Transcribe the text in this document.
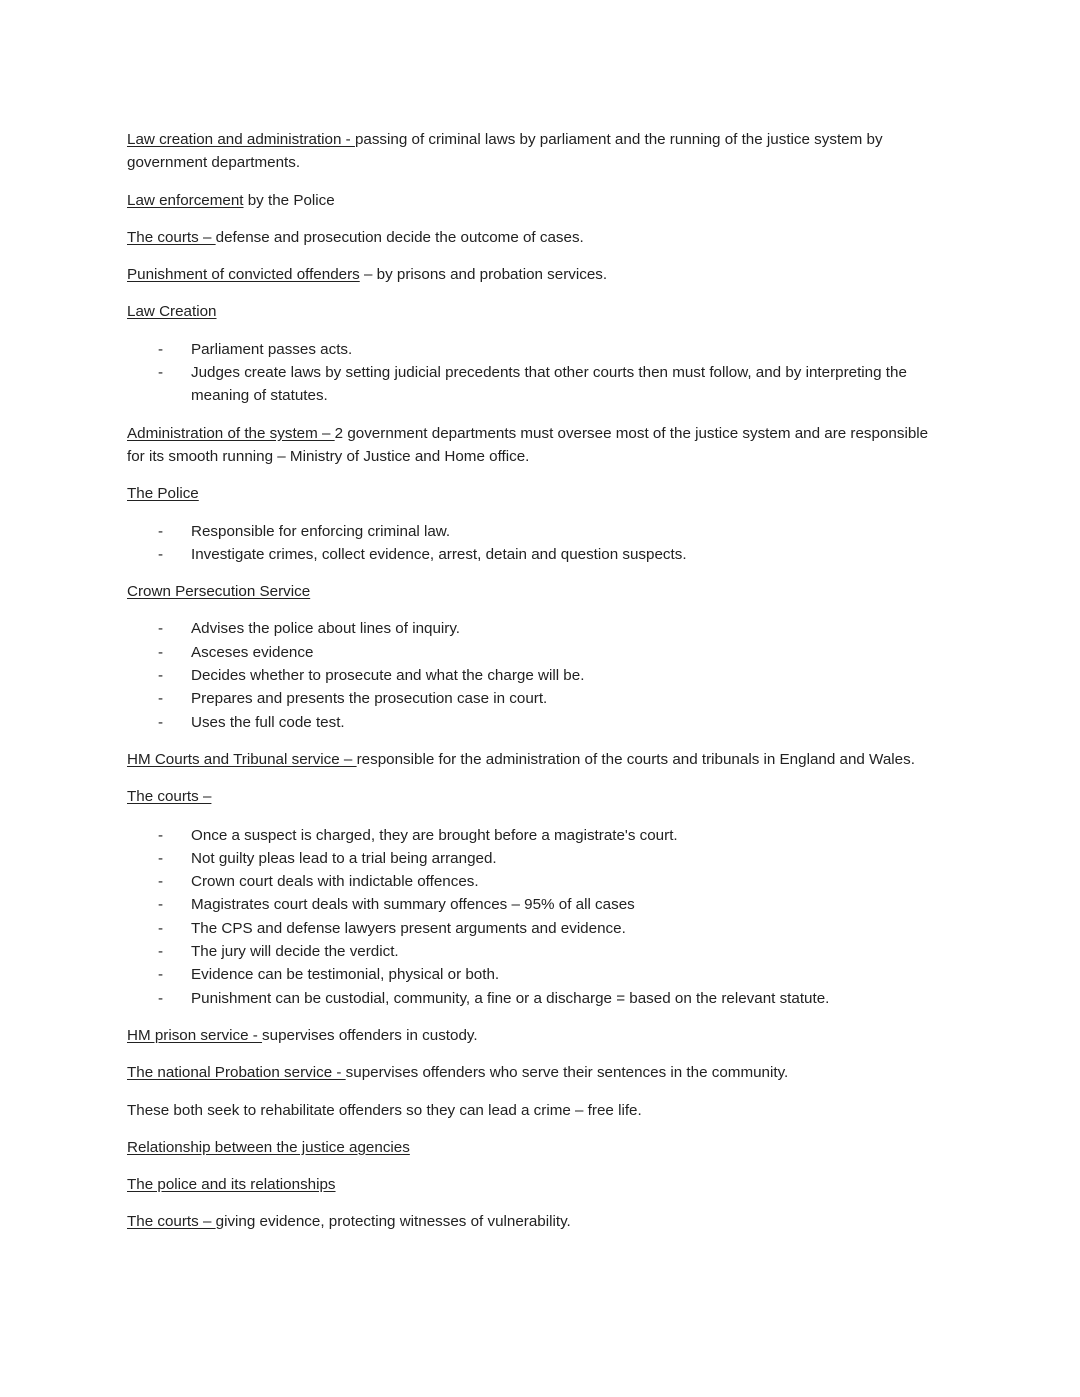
Law creation and administration - passing of criminal laws by parliament and the running of the justice system by government departments.

Law enforcement by the Police

The courts – defense and prosecution decide the outcome of cases.

Punishment of convicted offenders – by prisons and probation services.

Law Creation

- Parliament passes acts.
- Judges create laws by setting judicial precedents that other courts then must follow, and by interpreting the meaning of statutes.

Administration of the system – 2 government departments must oversee most of the justice system and are responsible for its smooth running – Ministry of Justice and Home office.

The Police

- Responsible for enforcing criminal law.
- Investigate crimes, collect evidence, arrest, detain and question suspects.

Crown Persecution Service

- Advises the police about lines of inquiry.
- Asceses evidence
- Decides whether to prosecute and what the charge will be.
- Prepares and presents the prosecution case in court.
- Uses the full code test.

HM Courts and Tribunal service – responsible for the administration of the courts and tribunals in England and Wales.

The courts –

- Once a suspect is charged, they are brought before a magistrate's court.
- Not guilty pleas lead to a trial being arranged.
- Crown court deals with indictable offences.
- Magistrates court deals with summary offences – 95% of all cases
- The CPS and defense lawyers present arguments and evidence.
- The jury will decide the verdict.
- Evidence can be testimonial, physical or both.
- Punishment can be custodial, community, a fine or a discharge = based on the relevant statute.

HM prison service - supervises offenders in custody.

The national Probation service - supervises offenders who serve their sentences in the community.

These both seek to rehabilitate offenders so they can lead a crime – free life.

Relationship between the justice agencies

The police and its relationships

The courts – giving evidence, protecting witnesses of vulnerability.
